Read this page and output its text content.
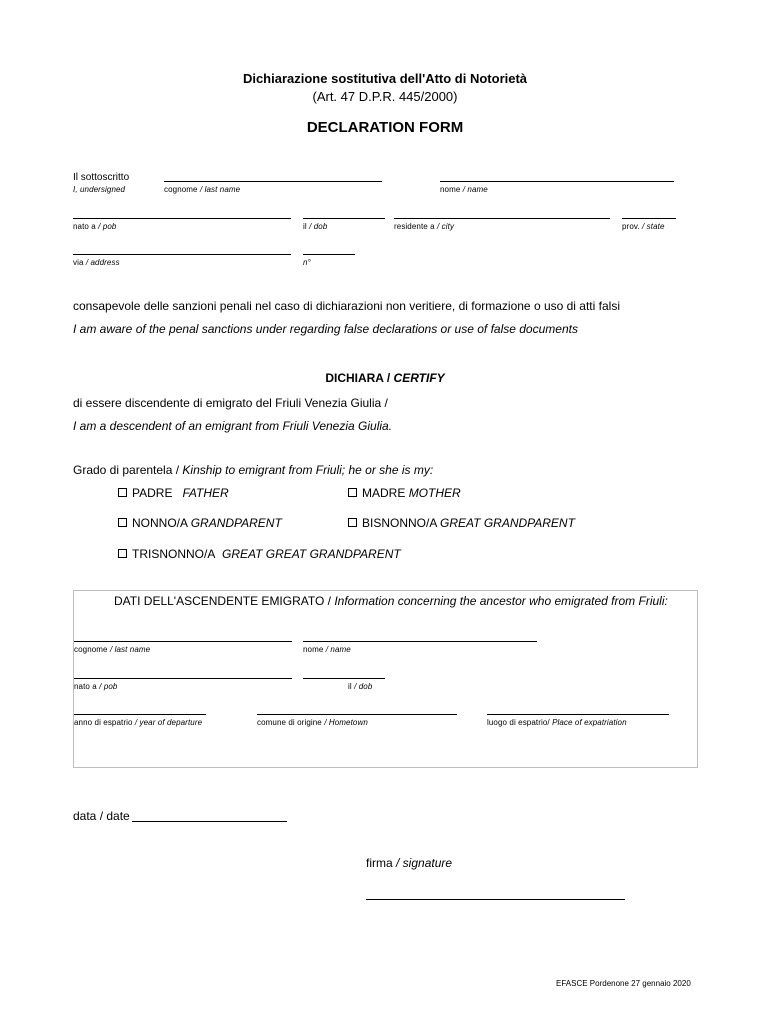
Dichiarazione sostitutiva dell'Atto di Notorietà
(Art. 47 D.P.R. 445/2000)
DECLARATION FORM
Il sottoscritto
I, undersigned	cognome / last name	nome / name
nato a / pob	il / dob	residente a / city	prov. / state
via / address	n°
consapevole delle sanzioni penali nel caso di dichiarazioni non veritiere, di formazione o uso di atti falsi
I am aware of the penal sanctions under regarding false declarations or use of false documents
DICHIARA / CERTIFY
di essere discendente di emigrato del Friuli Venezia Giulia /
I am a descendent of an emigrant from Friuli Venezia Giulia.
Grado di parentela / Kinship to emigrant from Friuli; he or she is my:
PADRE FATHER	MADRE MOTHER
NONNO/A GRANDPARENT	BISNONNO/A GREAT GRANDPARENT
TRISNONNO/A GREAT GREAT GRANDPARENT
DATI DELL'ASCENDENTE EMIGRATO / Information concerning the ancestor who emigrated from Friuli:
cognome / last name	nome / name
nato a / pob	il / dob
anno di espatrio / year of departure	comune di origine / Hometown	luogo di espatrio/ Place of expatriation
data / date
firma / signature
EFASCE Pordenone 27 gennaio 2020
